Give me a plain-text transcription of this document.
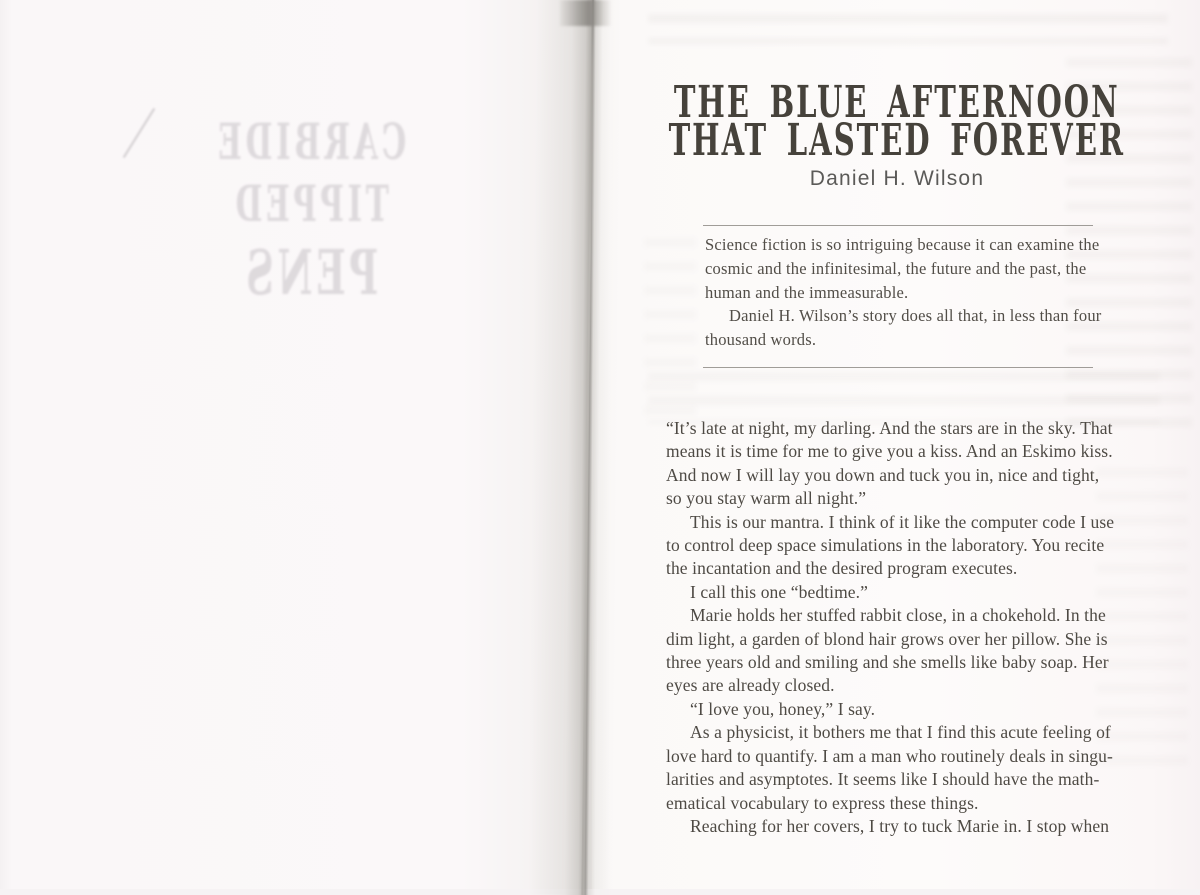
CARBIDE
TIPPED
PENS
THE BLUE AFTERNOON
THAT LASTED FOREVER
Daniel H. Wilson
Science fiction is so intriguing because it can examine the
cosmic and the infinitesimal, the future and the past, the
human and the immeasurable.
Daniel H. Wilson’s story does all that, in less than four
thousand words.
“It’s late at night, my darling. And the stars are in the sky. That
means it is time for me to give you a kiss. And an Eskimo kiss.
And now I will lay you down and tuck you in, nice and tight,
so you stay warm all night.”
This is our mantra. I think of it like the computer code I use
to control deep space simulations in the laboratory. You recite
the incantation and the desired program executes.
I call this one “bedtime.”
Marie holds her stuffed rabbit close, in a chokehold. In the
dim light, a garden of blond hair grows over her pillow. She is
three years old and smiling and she smells like baby soap. Her
eyes are already closed.
“I love you, honey,” I say.
As a physicist, it bothers me that I find this acute feeling of
love hard to quantify. I am a man who routinely deals in singu-
larities and asymptotes. It seems like I should have the math-
ematical vocabulary to express these things.
Reaching for her covers, I try to tuck Marie in. I stop when
